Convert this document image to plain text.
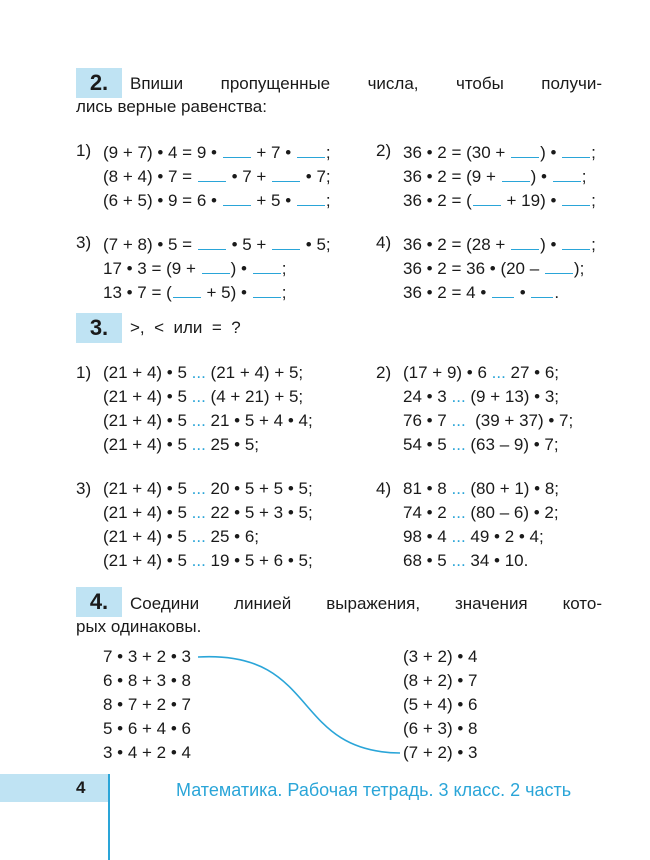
2.	Впиши пропущенные числа, чтобы получи-
лись верные равенства:
1) (9 + 7) • 4 = 9 •  + 7 • ;
(8 + 4) • 7 =  • 7 +  • 7;
(6 + 5) • 9 = 6 •  + 5 • ;
3) (7 + 8) • 5 =  • 5 +  • 5;
17 • 3 = (9 + ) • ;
13 • 7 = ( + 5) • ;
2) 36 • 2 = (30 + ) • ;
36 • 2 = (9 + ) • ;
36 • 2 = ( + 19) • ;
4) 36 • 2 = (28 + ) • ;
36 • 2 = 36 • (20 – );
36 • 2 = 4 •  • .
3.	>,  <  или  =  ?
1) (21 + 4) • 5 ... (21 + 4) + 5;
(21 + 4) • 5 ... (4 + 21) + 5;
(21 + 4) • 5 ... 21 • 5 + 4 • 4;
(21 + 4) • 5 ... 25 • 5;
2) (17 + 9) • 6 ... 27 • 6;
24 • 3 ... (9 + 13) • 3;
76 • 7 ...  (39 + 37) • 7;
54 • 5 ... (63 – 9) • 7;
3) (21 + 4) • 5 ... 20 • 5 + 5 • 5;
(21 + 4) • 5 ... 22 • 5 + 3 • 5;
(21 + 4) • 5 ... 25 • 6;
(21 + 4) • 5 ... 19 • 5 + 6 • 5;
4) 81 • 8 ... (80 + 1) • 8;
74 • 2 ... (80 – 6) • 2;
98 • 4 ... 49 • 2 • 4;
68 • 5 ... 34 • 10.
4.	Соедини линией выражения, значения кото-
рых одинаковы.
7 • 3 + 2 • 3
6 • 8 + 3 • 8
8 • 7 + 2 • 7
5 • 6 + 4 • 6
3 • 4 + 2 • 4
(3 + 2) • 4
(8 + 2) • 7
(5 + 4) • 6
(6 + 3) • 8
(7 + 2) • 3
4	Математика. Рабочая тетрадь. 3 класс. 2 часть
